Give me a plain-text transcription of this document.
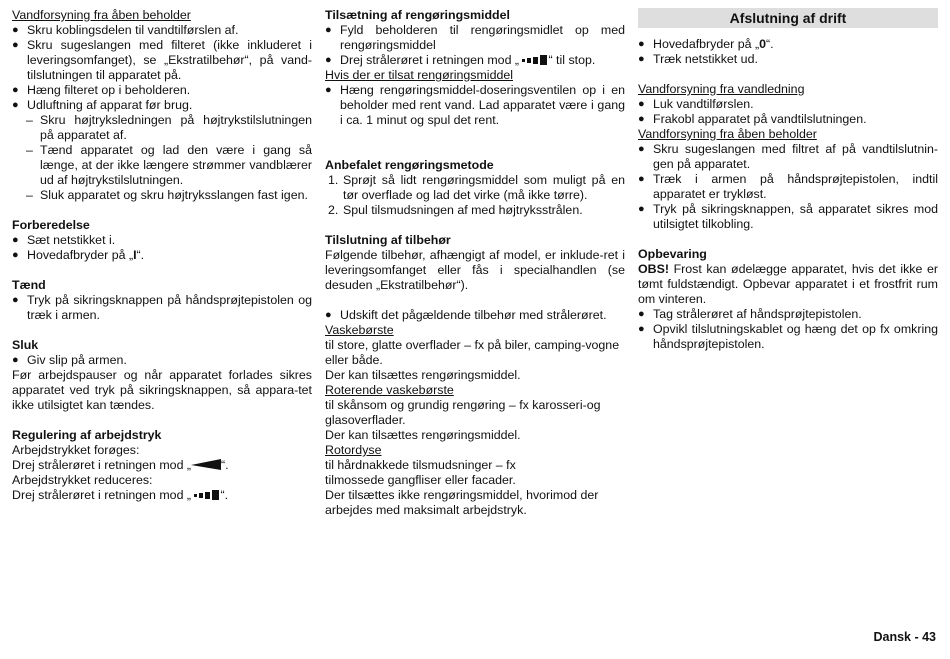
Vandforsyning fra åben beholder
● Skru koblingsdelen til vandtilførslen af.
● Skru sugeslangen med filteret (ikke inkluderet i leveringsomfanget), se „Ekstratilbehør“, på vand-tilslutningen til apparatet på.
● Hæng filteret op i beholderen.
● Udluftning af apparat før brug.
– Skru højtryksledningen på højtrykstilslutningen på apparatet af.
– Tænd apparatet og lad den være i gang så længe, at der ikke længere strømmer vandblærer ud af højtrykstilslutningen.
– Sluk apparatet og skru højtryksslangen fast igen.
Forberedelse
● Sæt netstikket i.
● Hovedafbryder på „I“.
Tænd
● Tryk på sikringsknappen på håndsprøjtepistolen og træk i armen.
Sluk
● Giv slip på armen.
Før arbejdspauser og når apparatet forlades sikres apparatet ved tryk på sikringsknappen, så appara-tet ikke utilsigtet kan tændes.
Regulering af arbejdstryk
Arbejdstrykket forøges:
Drej strålerøret i retningen mod „ “.
Arbejdstrykket reduceres:
Drej strålerøret i retningen mod „ “.
Tilsætning af rengøringsmiddel
● Fyld beholderen til rengøringsmidlet op med rengøringsmiddel
● Drej strålerøret i retningen mod „ “ til stop.
Hvis der er tilsat rengøringsmiddel
● Hæng rengøringsmiddel-doseringsventilen op i en beholder med rent vand. Lad apparatet være i gang i ca. 1 minut og spul det rent.
Anbefalet rengøringsmetode
1. Sprøjt så lidt rengøringsmiddel som muligt på en tør overflade og lad det virke (må ikke tørre).
2. Spul tilsmudsningen af med højtryksstrålen.
Tilslutning af tilbehør
Følgende tilbehør, afhængigt af model, er inklude-ret i leveringsomfanget eller fås i specialhandlen (se desuden „Ekstratilbehør“).
● Udskift det pågældende tilbehør med strålerøret.
Vaskebørste
til store, glatte overflader – fx på biler, camping-vogne eller både.
Der kan tilsættes rengøringsmiddel.
Roterende vaskebørste
til skånsom og grundig rengøring – fx karosseri-og glasoverflader.
Der kan tilsættes rengøringsmiddel.
Rotordyse
til hårdnakkede tilsmudsninger – fx
tilmossede gangfliser eller facader.
Der tilsættes ikke rengøringsmiddel, hvorimod der arbejdes med maksimalt arbejdstryk.
Afslutning af drift
● Hovedafbryder på „0“.
● Træk netstikket ud.
Vandforsyning fra vandledning
● Luk vandtilførslen.
● Frakobl apparatet på vandtilslutningen.
Vandforsyning fra åben beholder
● Skru sugeslangen med filtret af på vandtilslutnin-gen på apparatet.
● Træk i armen på håndsprøjtepistolen, indtil apparatet er trykløst.
● Tryk på sikringsknappen, så apparatet sikres mod utilsigtet tilkobling.
Opbevaring
OBS! Frost kan ødelægge apparatet, hvis det ikke er tømt fuldstændigt. Opbevar apparatet i et frostfrit rum om vinteren.
● Tag strålerøret af håndsprøjtepistolen.
● Opvikl tilslutningskablet og hæng det op fx omkring håndsprøjtepistolen.
Dansk - 43
